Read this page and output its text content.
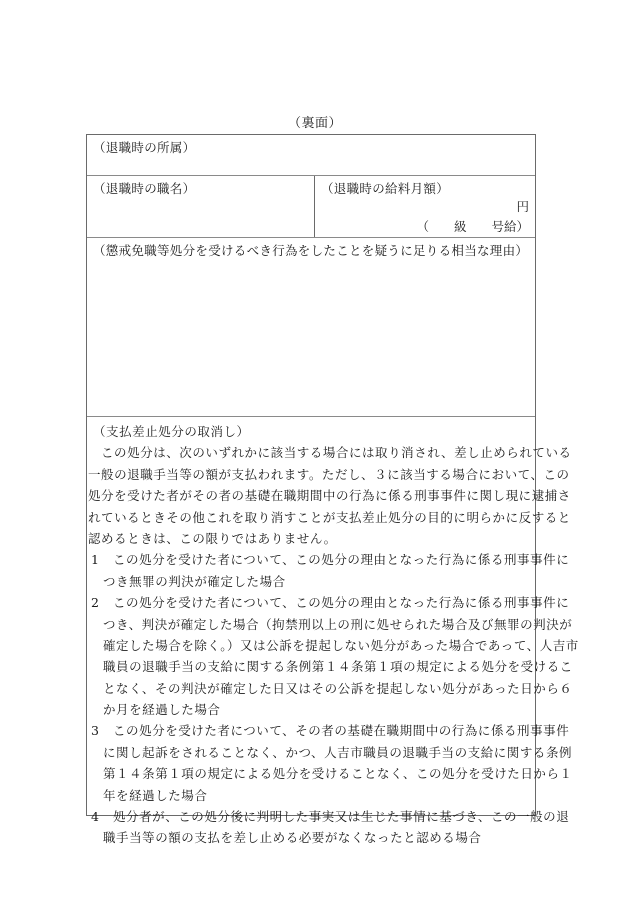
（裏面）
（退職時の所属）
（退職時の職名）	（退職時の給料月額）
円
（　　級　　号給）
（懲戒免職等処分を受けるべき行為をしたことを疑うに足りる相当な理由）
（支払差止処分の取消し）
この処分は、次のいずれかに該当する場合には取り消され、差し止められている
一般の退職手当等の額が支払われます。ただし、３に該当する場合において、この
処分を受けた者がその者の基礎在職期間中の行為に係る刑事事件に関し現に逮捕さ
れているときその他これを取り消すことが支払差止処分の目的に明らかに反すると
認めるときは、この限りではありません。
1 この処分を受けた者について、この処分の理由となった行為に係る刑事事件に
つき無罪の判決が確定した場合
2 この処分を受けた者について、この処分の理由となった行為に係る刑事事件に
つき、判決が確定した場合（拘禁刑以上の刑に処せられた場合及び無罪の判決が
確定した場合を除く。）又は公訴を提起しない処分があった場合であって、人吉市
職員の退職手当の支給に関する条例第１４条第１項の規定による処分を受けるこ
となく、その判決が確定した日又はその公訴を提起しない処分があった日から６
か月を経過した場合
3 この処分を受けた者について、その者の基礎在職期間中の行為に係る刑事事件
に関し起訴をされることなく、かつ、人吉市職員の退職手当の支給に関する条例
第１４条第１項の規定による処分を受けることなく、この処分を受けた日から１
年を経過した場合
4 処分者が、この処分後に判明した事実又は生じた事情に基づき、この一般の退
職手当等の額の支払を差し止める必要がなくなったと認める場合
